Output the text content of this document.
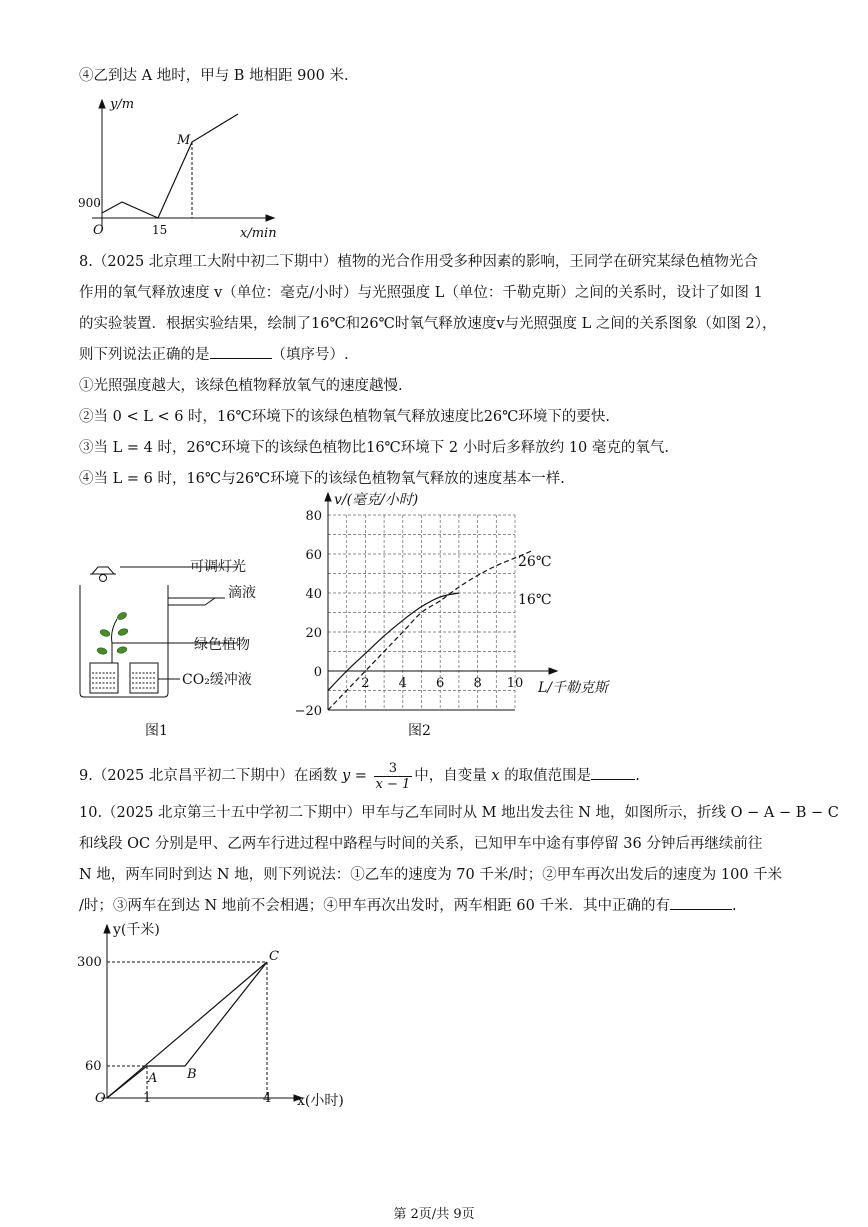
④乙到达 A 地时，甲与 B 地相距 900 米.
y/m
M
900
O	15	x/min
8.（2025 北京理工大附中初二下期中）植物的光合作用受多种因素的影响，王同学在研究某绿色植物光合
作用的氧气释放速度 v（单位：毫克/小时）与光照强度 L（单位：千勒克斯）之间的关系时，设计了如图 1
的实验装置．根据实验结果，绘制了16℃和26℃时氧气释放速度v与光照强度 L 之间的关系图象（如图 2），
则下列说法正确的是	（填序号）.
①光照强度越大，该绿色植物释放氧气的速度越慢.
②当 0 < L < 6 时，16℃环境下的该绿色植物氧气释放速度比26℃环境下的要快.
③当 L = 4 时，26℃环境下的该绿色植物比16℃环境下 2 小时后多释放约 10 毫克的氧气.
④当 L = 6 时，16℃与26℃环境下的该绿色植物氧气释放的速度基本一样.
可调灯光
滴液
绿色植物
CO₂缓冲液
图1
80
60
40
20
0
−20
2 4 6 8 10
v/(毫克/小时)
L/千勒克斯
26℃
16℃
图2
9.（2025 北京昌平初二下期中）在函数 $y = \frac{3}{x - 1}$ 中，自变量 x 的取值范围是	.
10.（2025 北京第三十五中学初二下期中）甲车与乙车同时从 M 地出发去往 N 地，如图所示，折线 O − A − B − C
和线段 OC 分别是甲、乙两车行进过程中路程与时间的关系，已知甲车中途有事停留 36 分钟后再继续前往
N 地，两车同时到达 N 地，则下列说法：①乙车的速度为 70 千米/时；②甲车再次出发后的速度为 100 千米
/时；③两车在到达 N 地前不会相遇；④甲车再次出发时，两车相距 60 千米．其中正确的有	.
y(千米)
300
60
C
A B
O	1	4 x(小时)
第 2页/共 9页
